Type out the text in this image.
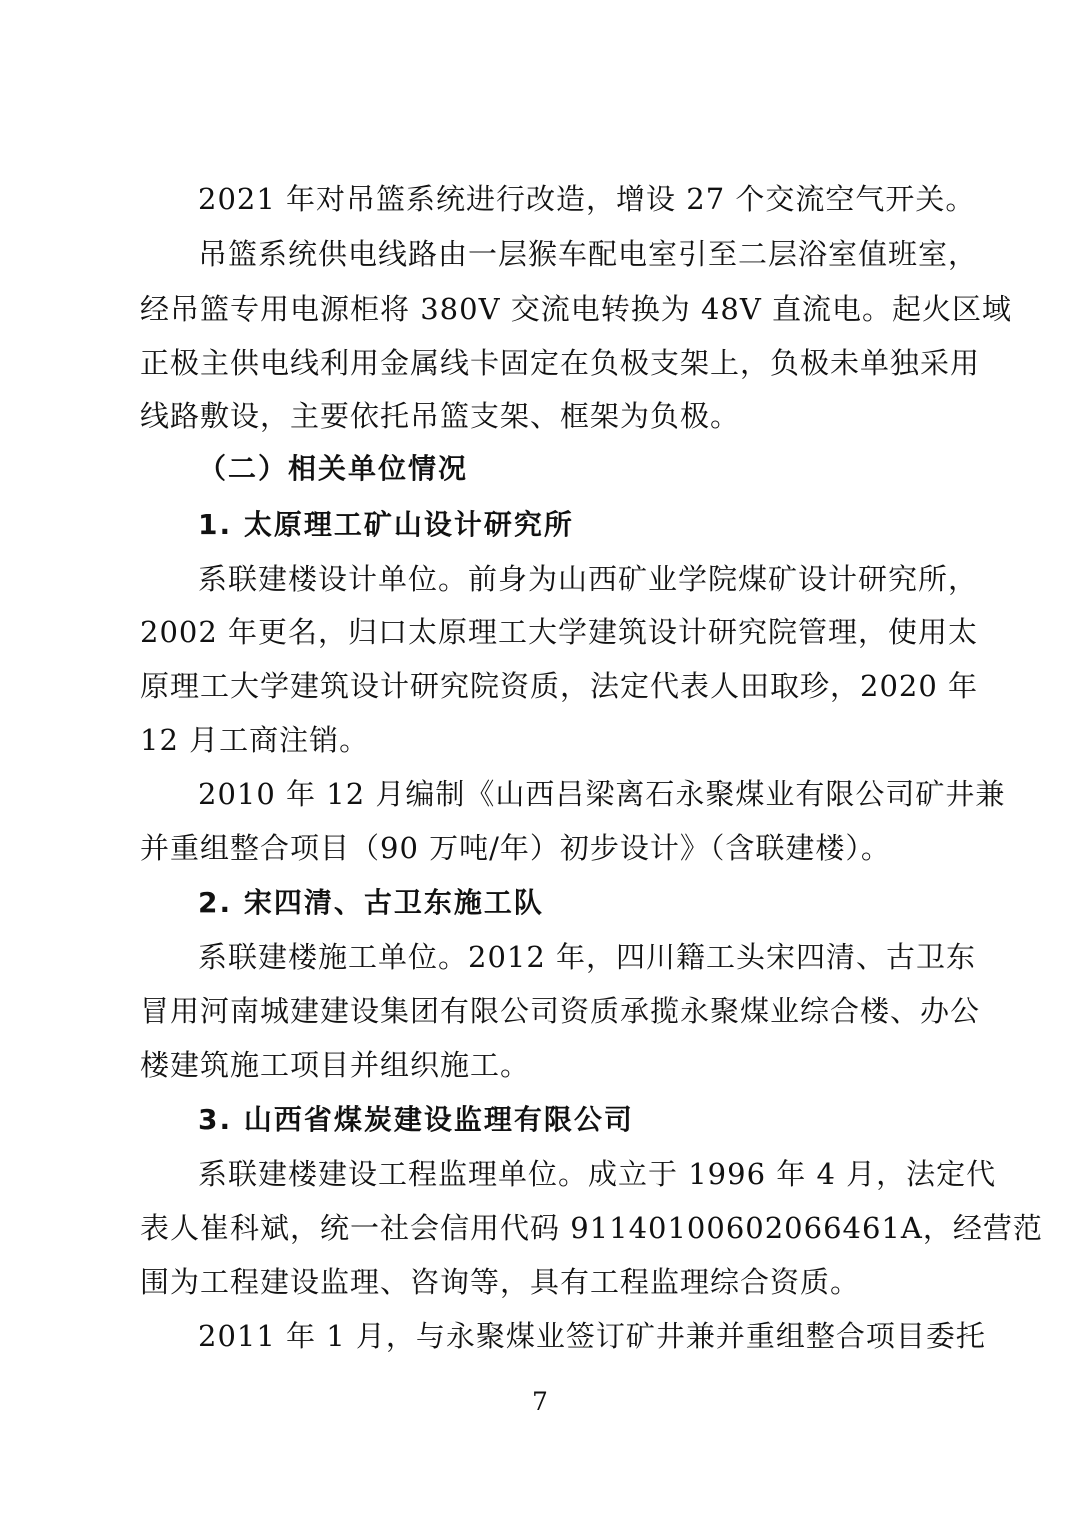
2021 年对吊篮系统进行改造，增设 27 个交流空气开关。
吊篮系统供电线路由一层猴车配电室引至二层浴室值班室，
经吊篮专用电源柜将 380V 交流电转换为 48V 直流电。起火区域
正极主供电线利用金属线卡固定在负极支架上，负极未单独采用
线路敷设，主要依托吊篮支架、框架为负极。
（二）相关单位情况
1. 太原理工矿山设计研究所
系联建楼设计单位。前身为山西矿业学院煤矿设计研究所，
2002 年更名，归口太原理工大学建筑设计研究院管理，使用太
原理工大学建筑设计研究院资质，法定代表人田取珍，2020 年
12 月工商注销。
2010 年 12 月编制《山西吕梁离石永聚煤业有限公司矿井兼
并重组整合项目（90 万吨/年）初步设计》（含联建楼）。
2. 宋四清、古卫东施工队
系联建楼施工单位。2012 年，四川籍工头宋四清、古卫东
冒用河南城建建设集团有限公司资质承揽永聚煤业综合楼、办公
楼建筑施工项目并组织施工。
3. 山西省煤炭建设监理有限公司
系联建楼建设工程监理单位。成立于 1996 年 4 月，法定代
表人崔科斌，统一社会信用代码 91140100602066461A，经营范
围为工程建设监理、咨询等，具有工程监理综合资质。
2011 年 1 月，与永聚煤业签订矿井兼并重组整合项目委托
7
